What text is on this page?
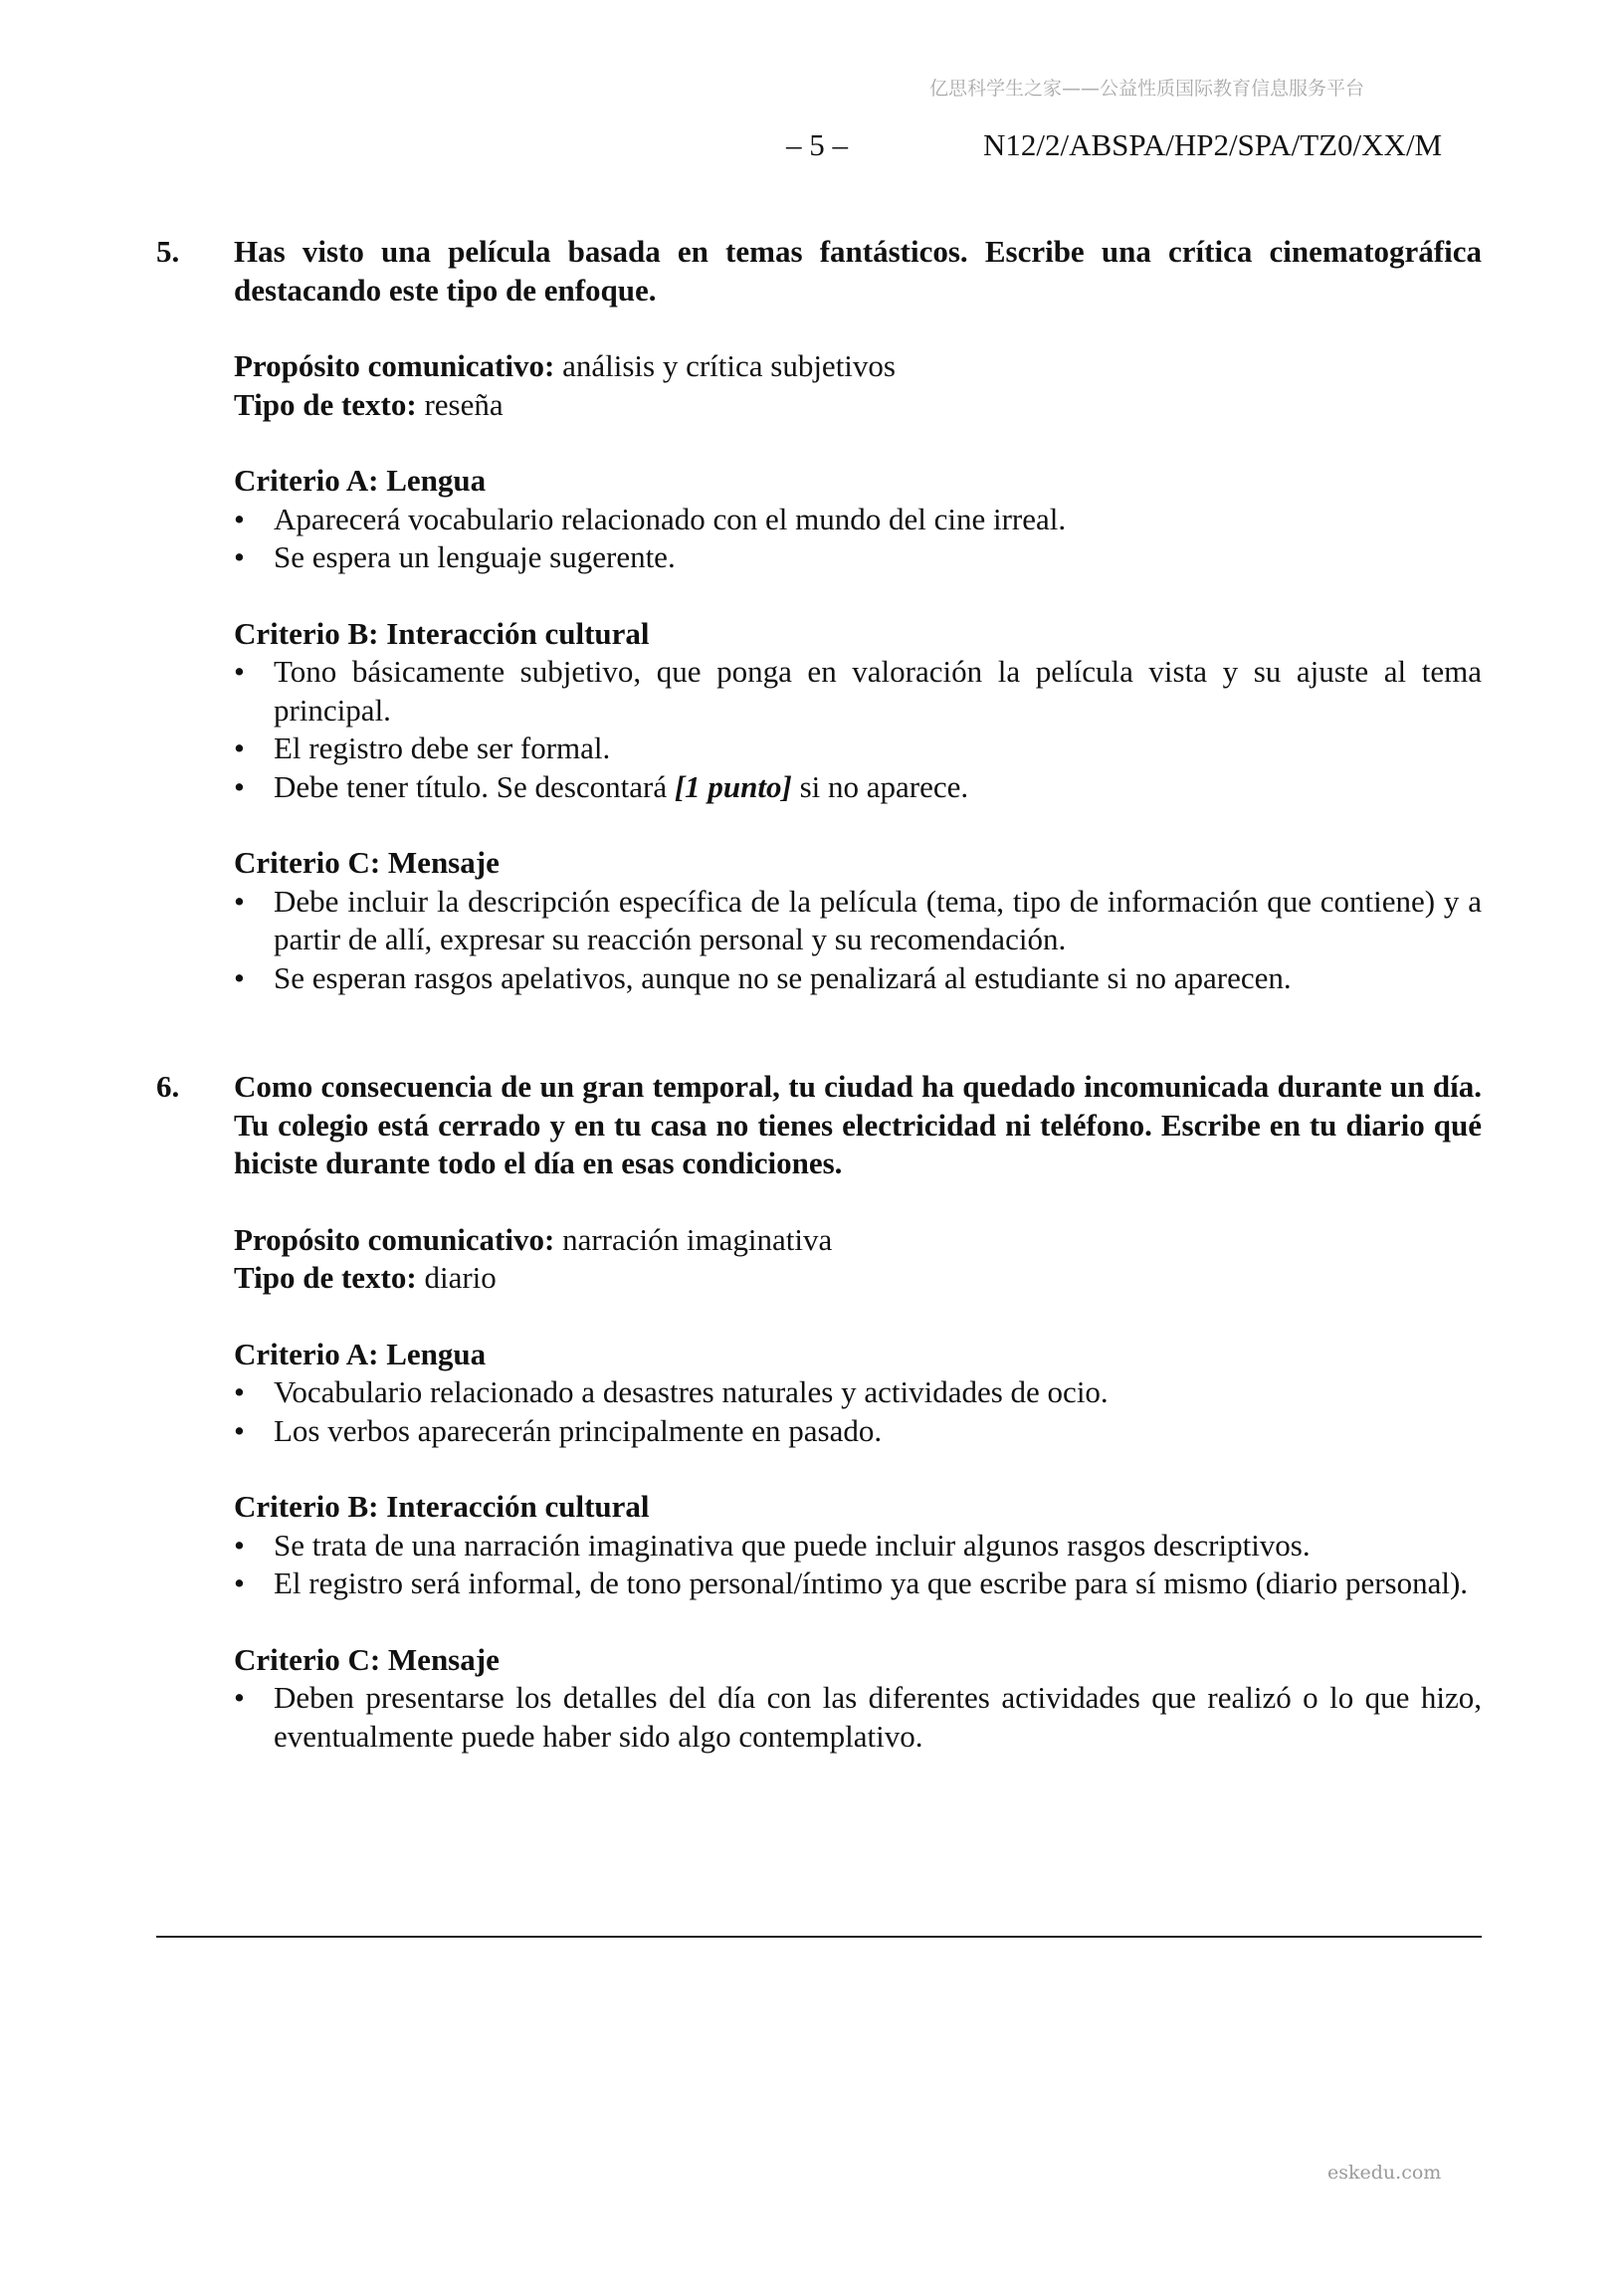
亿思科学生之家——公益性质国际教育信息服务平台
– 5 –	N12/2/ABSPA/HP2/SPA/TZ0/XX/M
5.	Has visto una película basada en temas fantásticos. Escribe una crítica cinematográfica destacando este tipo de enfoque.
Propósito comunicativo: análisis y crítica subjetivos
Tipo de texto: reseña
Criterio A: Lengua
• Aparecerá vocabulario relacionado con el mundo del cine irreal.
• Se espera un lenguaje sugerente.
Criterio B: Interacción cultural
• Tono básicamente subjetivo, que ponga en valoración la película vista y su ajuste al tema principal.
• El registro debe ser formal.
• Debe tener título. Se descontará [1 punto] si no aparece.
Criterio C: Mensaje
• Debe incluir la descripción específica de la película (tema, tipo de información que contiene) y a partir de allí, expresar su reacción personal y su recomendación.
• Se esperan rasgos apelativos, aunque no se penalizará al estudiante si no aparecen.
6.	Como consecuencia de un gran temporal, tu ciudad ha quedado incomunicada durante un día. Tu colegio está cerrado y en tu casa no tienes electricidad ni teléfono. Escribe en tu diario qué hiciste durante todo el día en esas condiciones.
Propósito comunicativo: narración imaginativa
Tipo de texto: diario
Criterio A: Lengua
• Vocabulario relacionado a desastres naturales y actividades de ocio.
• Los verbos aparecerán principalmente en pasado.
Criterio B: Interacción cultural
• Se trata de una narración imaginativa que puede incluir algunos rasgos descriptivos.
• El registro será informal, de tono personal/íntimo ya que escribe para sí mismo (diario personal).
Criterio C: Mensaje
• Deben presentarse los detalles del día con las diferentes actividades que realizó o lo que hizo, eventualmente puede haber sido algo contemplativo.
eskedu.com
